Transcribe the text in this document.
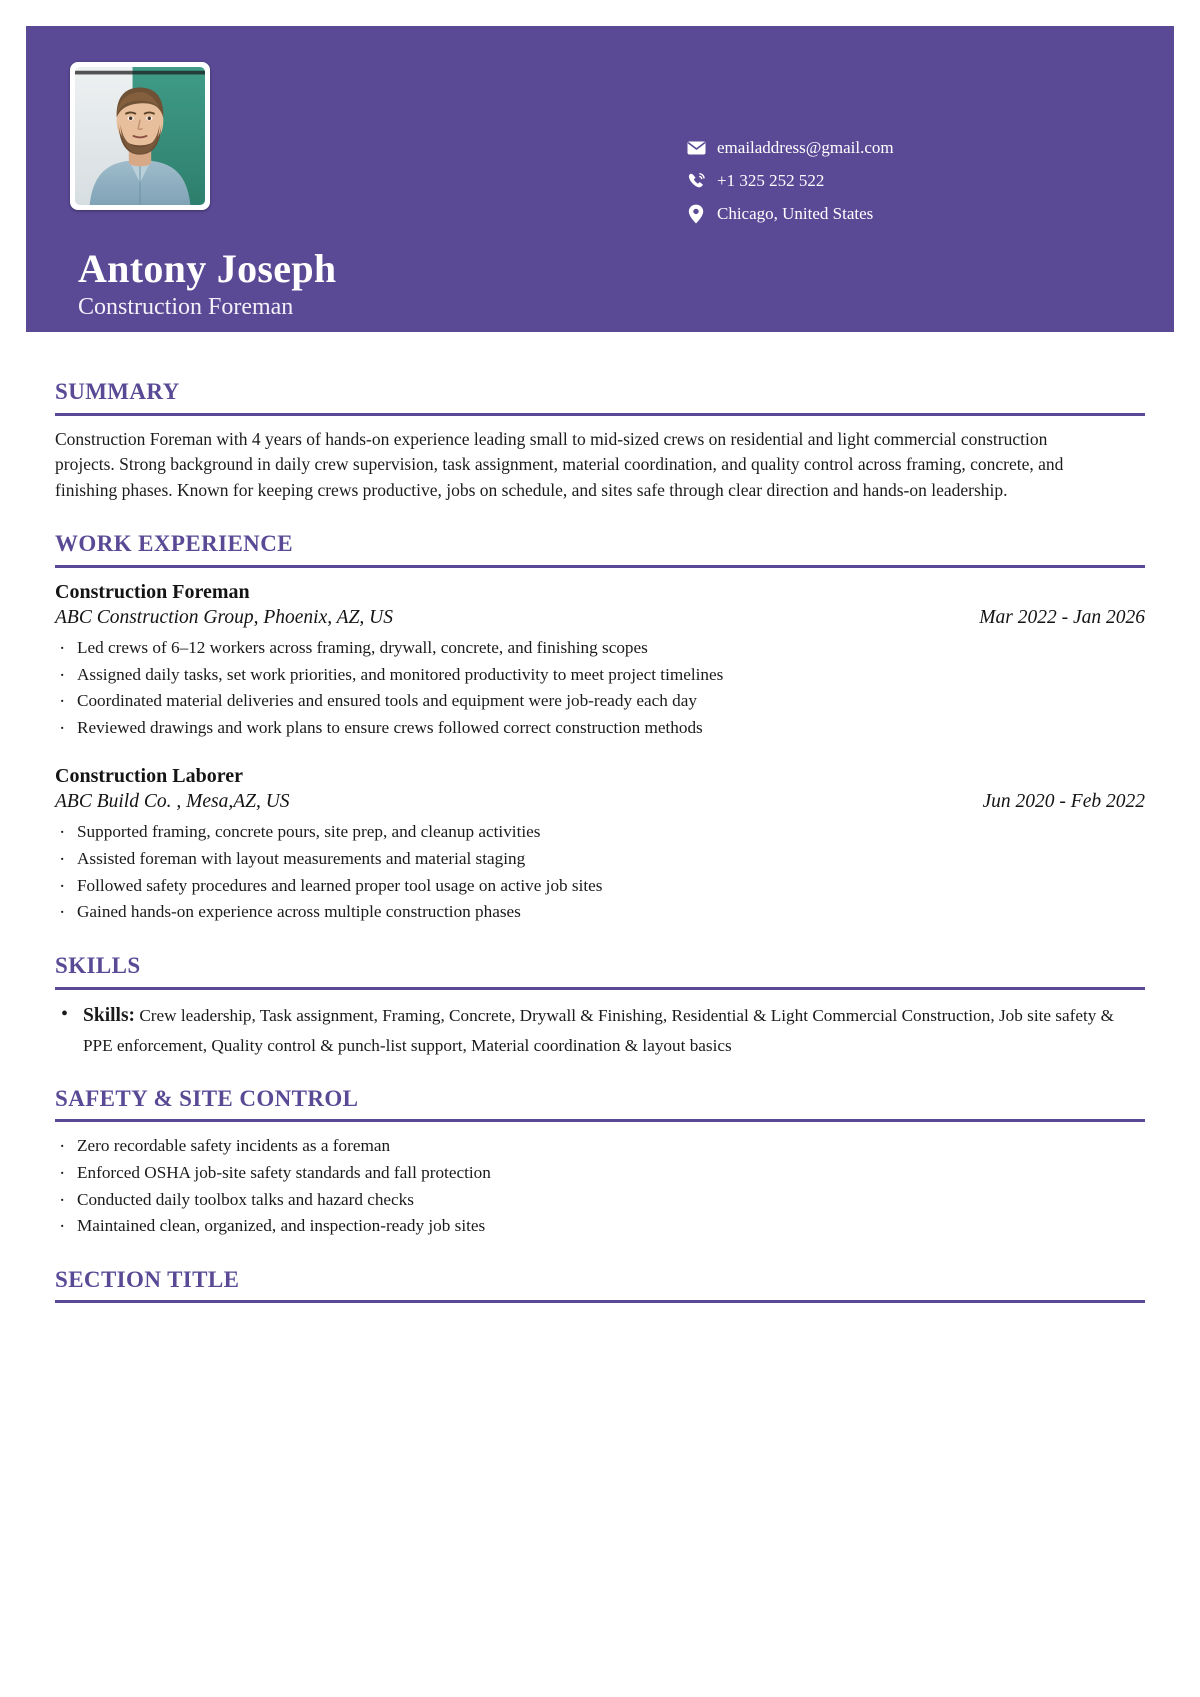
emailaddress@gmail.com
+1 325 252 522
Chicago, United States
Antony Joseph
Construction Foreman
SUMMARY

Construction Foreman with 4 years of hands-on experience leading small to mid-sized crews on residential and light commercial construction projects. Strong background in daily crew supervision, task assignment, material coordination, and quality control across framing, concrete, and finishing phases. Known for keeping crews productive, jobs on schedule, and sites safe through clear direction and hands-on leadership.

WORK EXPERIENCE
Construction Foreman
ABC Construction Group, Phoenix, AZ, US	Mar 2022 - Jan 2026
· Led crews of 6–12 workers across framing, drywall, concrete, and finishing scopes
· Assigned daily tasks, set work priorities, and monitored productivity to meet project timelines
· Coordinated material deliveries and ensured tools and equipment were job-ready each day
· Reviewed drawings and work plans to ensure crews followed correct construction methods
Construction Laborer
ABC Build Co. , Mesa,AZ, US	Jun 2020 - Feb 2022
· Supported framing, concrete pours, site prep, and cleanup activities
· Assisted foreman with layout measurements and material staging
· Followed safety procedures and learned proper tool usage on active job sites
· Gained hands-on experience across multiple construction phases
SKILLS
• Skills: Crew leadership, Task assignment, Framing, Concrete, Drywall & Finishing, Residential & Light Commercial Construction, Job site safety & PPE enforcement, Quality control & punch-list support, Material coordination & layout basics
SAFETY & SITE CONTROL
· Zero recordable safety incidents as a foreman
· Enforced OSHA job-site safety standards and fall protection
· Conducted daily toolbox talks and hazard checks
· Maintained clean, organized, and inspection-ready job sites
SECTION TITLE
